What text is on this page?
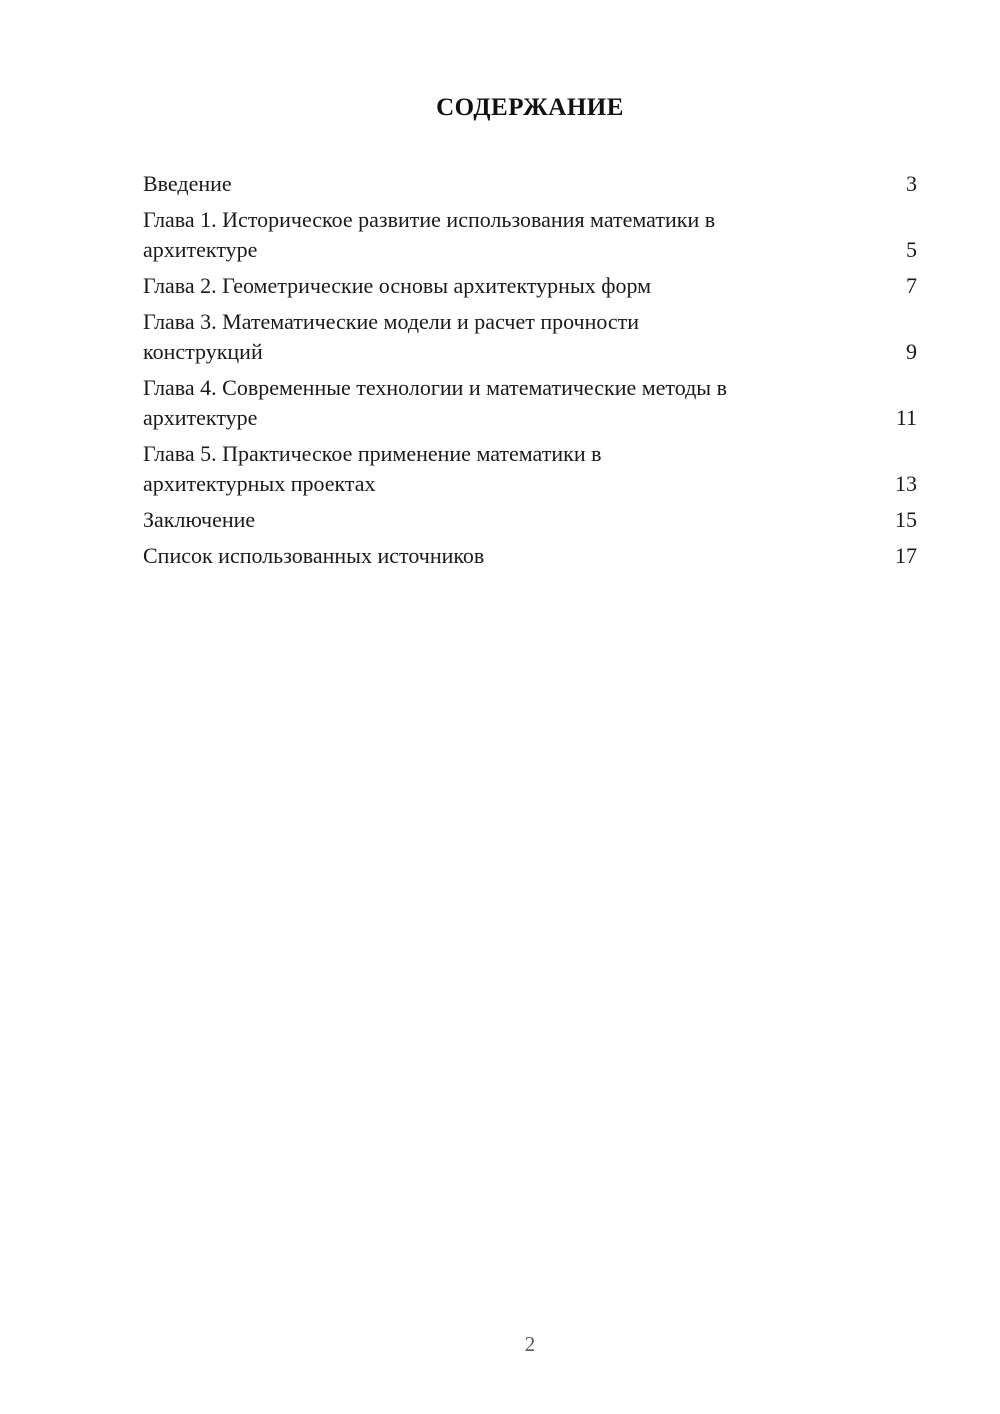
СОДЕРЖАНИЕ
Введение	3
Глава 1. Историческое развитие использования математики в
архитектуре	5
Глава 2. Геометрические основы архитектурных форм	7
Глава 3. Математические модели и расчет прочности
конструкций	9
Глава 4. Современные технологии и математические методы в
архитектуре	11
Глава 5. Практическое применение математики в
архитектурных проектах	13
Заключение	15
Список использованных источников	17
2
